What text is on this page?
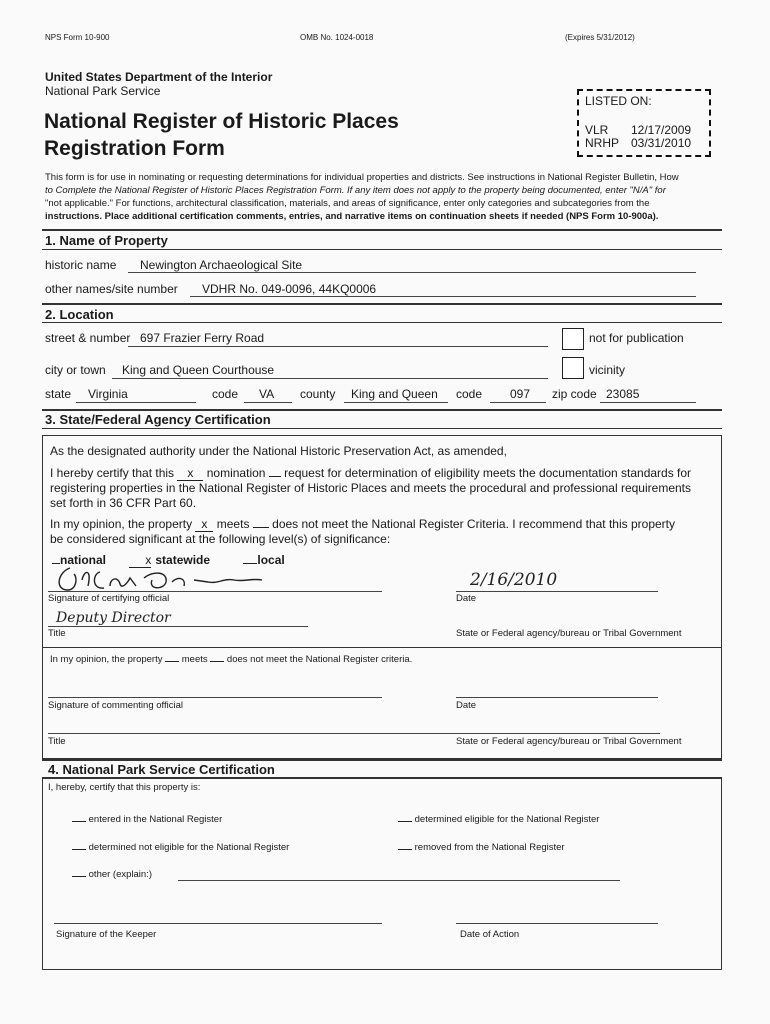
NPS Form 10-900	OMB No. 1024-0018	(Expires 5/31/2012)
United States Department of the Interior
National Park Service
National Register of Historic Places
Registration Form
LISTED ON:
VLR 12/17/2009
NRHP 03/31/2010
This form is for use in nominating or requesting determinations for individual properties and districts. See instructions in National Register Bulletin, How
to Complete the National Register of Historic Places Registration Form. If any item does not apply to the property being documented, enter "N/A" for
"not applicable." For functions, architectural classification, materials, and areas of significance, enter only categories and subcategories from the
instructions. Place additional certification comments, entries, and narrative items on continuation sheets if needed (NPS Form 10-900a).
1. Name of Property
historic name Newington Archaeological Site
other names/site number VDHR No. 049-0096, 44KQ0006
2. Location
street & number 697 Frazier Ferry Road	not for publication
city or town King and Queen Courthouse	vicinity
state Virginia	code VA county King and Queen code 097 zip code 23085
3. State/Federal Agency Certification
As the designated authority under the National Historic Preservation Act, as amended,
I hereby certify that this x nomination request for determination of eligibility meets the documentation standards for
registering properties in the National Register of Historic Places and meets the procedural and professional requirements
set forth in 36 CFR Part 60.
In my opinion, the property x meets does not meet the National Register Criteria. I recommend that this property
be considered significant at the following level(s) of significance:
national	x statewide	local
Signature of certifying official
2/16/2010
Date
Deputy Director
Title	State or Federal agency/bureau or Tribal Government
In my opinion, the property meets does not meet the National Register criteria.
Signature of commenting official	Date
Title	State or Federal agency/bureau or Tribal Government
4. National Park Service Certification
I, hereby, certify that this property is:
entered in the National Register	determined eligible for the National Register
determined not eligible for the National Register	removed from the National Register
other (explain:)
Signature of the Keeper	Date of Action
